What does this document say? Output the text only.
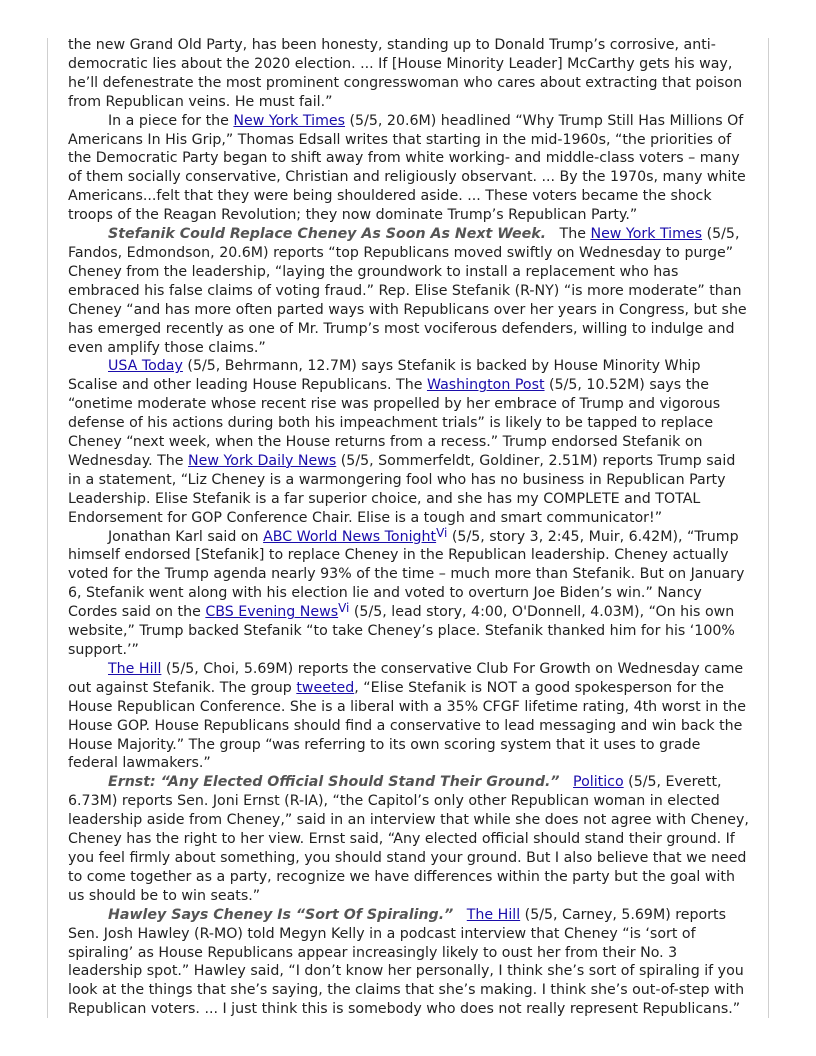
the new Grand Old Party, has been honesty, standing up to Donald Trump’s corrosive, anti-democratic lies about the 2020 election. ... If [House Minority Leader] McCarthy gets his way, he’ll defenestrate the most prominent congresswoman who cares about extracting that poison from Republican veins. He must fail.”

In a piece for the New York Times (5/5, 20.6M) headlined “Why Trump Still Has Millions Of Americans In His Grip,” Thomas Edsall writes that starting in the mid-1960s, “the priorities of the Democratic Party began to shift away from white working- and middle-class voters – many of them socially conservative, Christian and religiously observant. ... By the 1970s, many white Americans...felt that they were being shouldered aside. ... These voters became the shock troops of the Reagan Revolution; they now dominate Trump’s Republican Party.”

Stefanik Could Replace Cheney As Soon As Next Week.   The New York Times (5/5, Fandos, Edmondson, 20.6M) reports “top Republicans moved swiftly on Wednesday to purge” Cheney from the leadership, “laying the groundwork to install a replacement who has embraced his false claims of voting fraud.” Rep. Elise Stefanik (R-NY) “is more moderate” than Cheney “and has more often parted ways with Republicans over her years in Congress, but she has emerged recently as one of Mr. Trump’s most vociferous defenders, willing to indulge and even amplify those claims.”

USA Today (5/5, Behrmann, 12.7M) says Stefanik is backed by House Minority Whip Scalise and other leading House Republicans. The Washington Post (5/5, 10.52M) says the “onetime moderate whose recent rise was propelled by her embrace of Trump and vigorous defense of his actions during both his impeachment trials” is likely to be tapped to replace Cheney “next week, when the House returns from a recess.” Trump endorsed Stefanik on Wednesday. The New York Daily News (5/5, Sommerfeldt, Goldiner, 2.51M) reports Trump said in a statement, “Liz Cheney is a warmongering fool who has no business in Republican Party Leadership. Elise Stefanik is a far superior choice, and she has my COMPLETE and TOTAL Endorsement for GOP Conference Chair. Elise is a tough and smart communicator!”

Jonathan Karl said on ABC World News Tonight$^{Vi}$ (5/5, story 3, 2:45, Muir, 6.42M), “Trump himself endorsed [Stefanik] to replace Cheney in the Republican leadership. Cheney actually voted for the Trump agenda nearly 93% of the time – much more than Stefanik. But on January 6, Stefanik went along with his election lie and voted to overturn Joe Biden’s win.” Nancy Cordes said on the CBS Evening News$^{Vi}$ (5/5, lead story, 4:00, O'Donnell, 4.03M), “On his own website,” Trump backed Stefanik “to take Cheney’s place. Stefanik thanked him for his ‘100% support.’”

The Hill (5/5, Choi, 5.69M) reports the conservative Club For Growth on Wednesday came out against Stefanik. The group tweeted, “Elise Stefanik is NOT a good spokesperson for the House Republican Conference. She is a liberal with a 35% CFGF lifetime rating, 4th worst in the House GOP. House Republicans should find a conservative to lead messaging and win back the House Majority.” The group “was referring to its own scoring system that it uses to grade federal lawmakers.”

Ernst: “Any Elected Official Should Stand Their Ground.” Politico (5/5, Everett, 6.73M) reports Sen. Joni Ernst (R-IA), “the Capitol’s only other Republican woman in elected leadership aside from Cheney,” said in an interview that while she does not agree with Cheney, Cheney has the right to her view. Ernst said, “Any elected official should stand their ground. If you feel firmly about something, you should stand your ground. But I also believe that we need to come together as a party, recognize we have differences within the party but the goal with us should be to win seats.”

Hawley Says Cheney Is “Sort Of Spiraling.” The Hill (5/5, Carney, 5.69M) reports Sen. Josh Hawley (R-MO) told Megyn Kelly in a podcast interview that Cheney “is ‘sort of spiraling’ as House Republicans appear increasingly likely to oust her from their No. 3 leadership spot.” Hawley said, “I don’t know her personally, I think she’s sort of spiraling if you look at the things that she’s saying, the claims that she’s making. I think she’s out-of-step with Republican voters. ... I just think this is somebody who does not really represent Republicans.”
